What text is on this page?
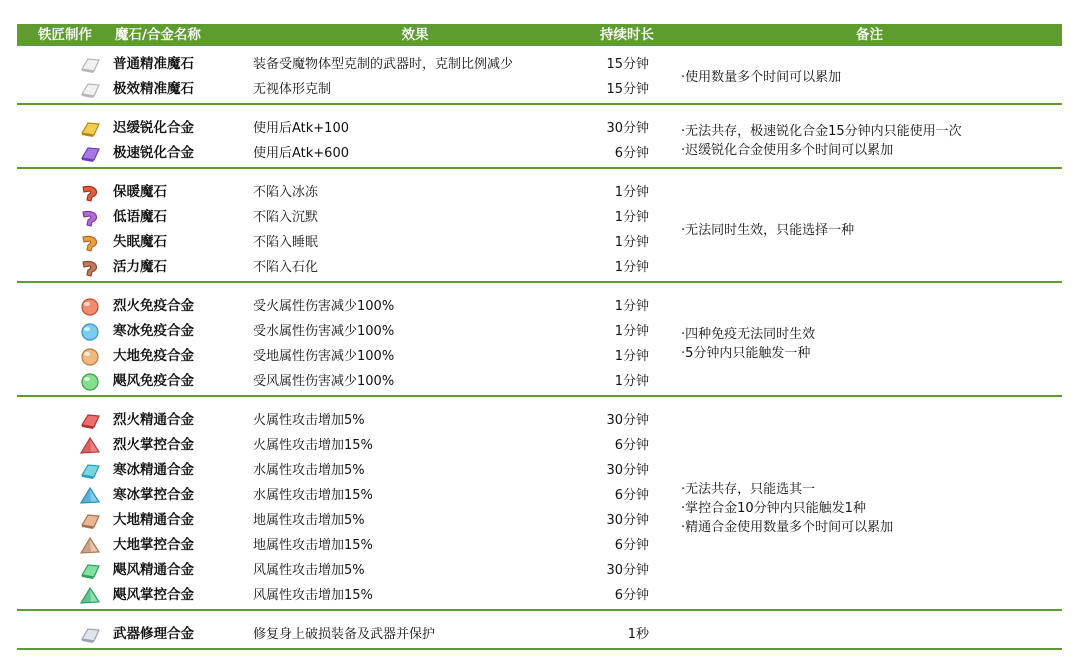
铁匠制作	魔石/合金名称	效果	持续时长	备注
普通精准魔石	装备受魔物体型克制的武器时，克制比例减少	15分钟
极效精准魔石	无视体形克制	15分钟
·使用数量多个时间可以累加
迟缓锐化合金	使用后Atk+100	30分钟
极速锐化合金	使用后Atk+600	6分钟
·无法共存，极速锐化合金15分钟内只能使用一次
·迟缓锐化合金使用多个时间可以累加
保暖魔石	不陷入冰冻	1分钟
低语魔石	不陷入沉默	1分钟
失眠魔石	不陷入睡眠	1分钟
活力魔石	不陷入石化	1分钟
·无法同时生效，只能选择一种
烈火免疫合金	受火属性伤害减少100%	1分钟
寒冰免疫合金	受水属性伤害减少100%	1分钟
大地免疫合金	受地属性伤害减少100%	1分钟
飓风免疫合金	受风属性伤害减少100%	1分钟
·四种免疫无法同时生效
·5分钟内只能触发一种
烈火精通合金	火属性攻击增加5%	30分钟
烈火掌控合金	火属性攻击增加15%	6分钟
寒冰精通合金	水属性攻击增加5%	30分钟
寒冰掌控合金	水属性攻击增加15%	6分钟
大地精通合金	地属性攻击增加5%	30分钟
大地掌控合金	地属性攻击增加15%	6分钟
飓风精通合金	风属性攻击增加5%	30分钟
飓风掌控合金	风属性攻击增加15%	6分钟
·无法共存，只能选其一
·掌控合金10分钟内只能触发1种
·精通合金使用数量多个时间可以累加
武器修理合金	修复身上破损装备及武器并保护	1秒
